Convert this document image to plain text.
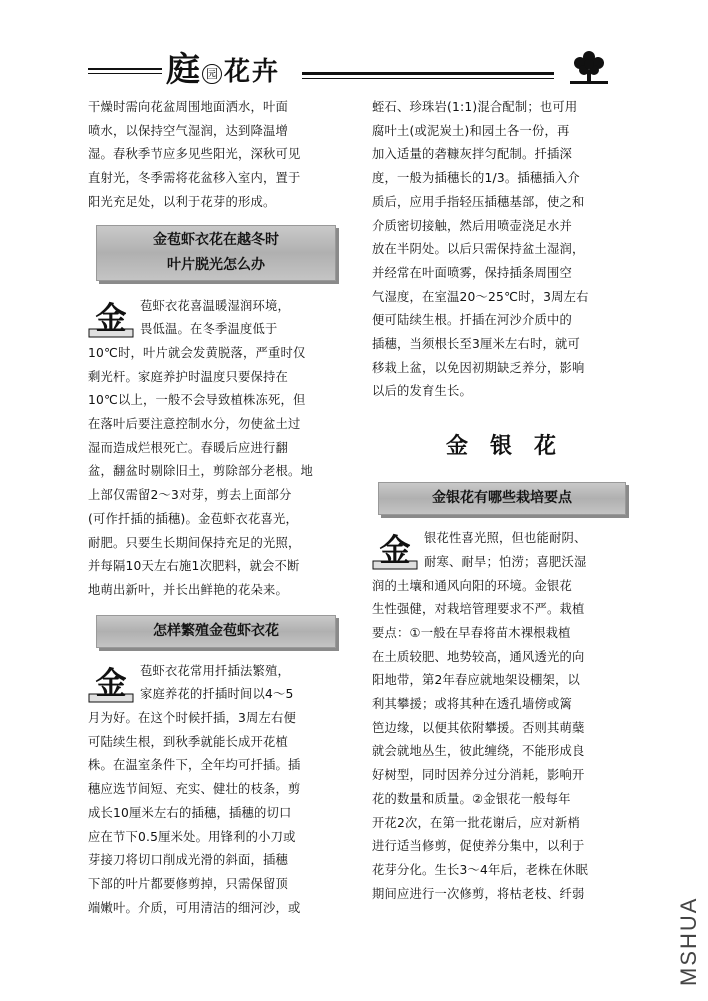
庭 园 花卉

干燥时需向花盆周围地面洒水，叶面

喷水，以保持空气湿润，达到降温增

湿。春秋季节应多见些阳光，深秋可见

直射光，冬季需将花盆移入室内，置于

阳光充足处，以利于花芽的形成。

金苞虾衣花在越冬时
叶片脱光怎么办
金	苞虾衣花喜温暖湿润环境，

畏低温。在冬季温度低于

10℃时，叶片就会发黄脱落，严重时仅

剩光杆。家庭养护时温度只要保持在

10℃以上，一般不会导致植株冻死，但

在落叶后要注意控制水分，勿使盆土过

湿而造成烂根死亡。春暖后应进行翻

盆，翻盆时剔除旧土，剪除部分老根。地

上部仅需留2～3对芽，剪去上面部分

(可作扦插的插穗)。金苞虾衣花喜光，

耐肥。只要生长期间保持充足的光照，

并每隔10天左右施1次肥料，就会不断

地萌出新叶，并长出鲜艳的花朵来。

怎样繁殖金苞虾衣花
金	苞虾衣花常用扦插法繁殖，

家庭养花的扦插时间以4～5

月为好。在这个时候扦插，3周左右便

可陆续生根，到秋季就能长成开花植

株。在温室条件下，全年均可扦插。插

穗应选节间短、充实、健壮的枝条，剪

成长10厘米左右的插穗，插穗的切口

应在节下0.5厘米处。用锋利的小刀或

芽接刀将切口削成光滑的斜面，插穗

下部的叶片都要修剪掉，只需保留顶

端嫩叶。介质，可用清洁的细河沙，或

蛭石、珍珠岩(1:1)混合配制；也可用

腐叶土(或泥炭土)和园土各一份，再

加入适量的砻糠灰拌匀配制。扦插深

度，一般为插穗长的1/3。插穗插入介

质后，应用手指轻压插穗基部，使之和

介质密切接触，然后用喷壶浇足水并

放在半阴处。以后只需保持盆土湿润，

并经常在叶面喷雾，保持插条周围空

气湿度，在室温20～25℃时，3周左右

便可陆续生根。扦插在河沙介质中的

插穗，当须根长至3厘米左右时，就可

移栽上盆，以免因初期缺乏养分，影响

以后的发育生长。

金银花
金银花有哪些栽培要点
金	银花性喜光照，但也能耐阴、

耐寒、耐旱；怕涝；喜肥沃湿

润的土壤和通风向阳的环境。金银花

生性强健，对栽培管理要求不严。栽植

要点：①一般在早春将苗木裸根栽植

在土质较肥、地势较高，通风透光的向

阳地带，第2年春应就地架设棚架，以

利其攀援；或将其种在透孔墙傍或篱

笆边缘，以便其依附攀援。否则其萌蘖

就会就地丛生，彼此缠绕，不能形成良

好树型，同时因养分过分消耗，影响开

花的数量和质量。②金银花一般每年

开花2次，在第一批花谢后，应对新梢

进行适当修剪，促使养分集中，以利于

花芽分化。生长3～4年后，老株在休眠

期间应进行一次修剪，将枯老枝、纤弱

MSHUA
